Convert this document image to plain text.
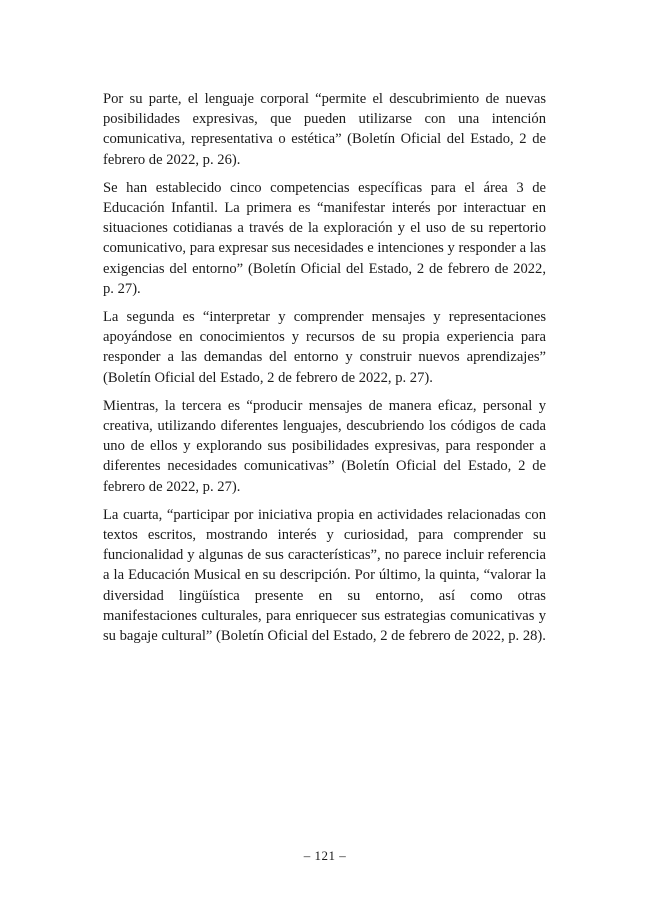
Por su parte, el lenguaje corporal “permite el descubrimiento de nuevas posibilidades expresivas, que pueden utilizarse con una intención comunicativa, representativa o estética” (Boletín Oficial del Estado, 2 de febrero de 2022, p. 26).

Se han establecido cinco competencias específicas para el área 3 de Educación Infantil. La primera es “manifestar interés por interactuar en situaciones cotidianas a través de la exploración y el uso de su repertorio comunicativo, para expresar sus necesidades e intenciones y responder a las exigencias del entorno” (Boletín Oficial del Estado, 2 de febrero de 2022, p. 27).

La segunda es “interpretar y comprender mensajes y representaciones apoyándose en conocimientos y recursos de su propia experiencia para responder a las demandas del entorno y construir nuevos aprendizajes” (Boletín Oficial del Estado, 2 de febrero de 2022, p. 27).

Mientras, la tercera es “producir mensajes de manera eficaz, personal y creativa, utilizando diferentes lenguajes, descubriendo los códigos de cada uno de ellos y explorando sus posibilidades expresivas, para responder a diferentes necesidades comunicativas” (Boletín Oficial del Estado, 2 de febrero de 2022, p. 27).

La cuarta, “participar por iniciativa propia en actividades relacionadas con textos escritos, mostrando interés y curiosidad, para comprender su funcionalidad y algunas de sus características”, no parece incluir referencia a la Educación Musical en su descripción. Por último, la quinta, “valorar la diversidad lingüística presente en su entorno, así como otras manifestaciones culturales, para enriquecer sus estrategias comunicativas y su bagaje cultural” (Boletín Oficial del Estado, 2 de febrero de 2022, p. 28).

– 121 –
